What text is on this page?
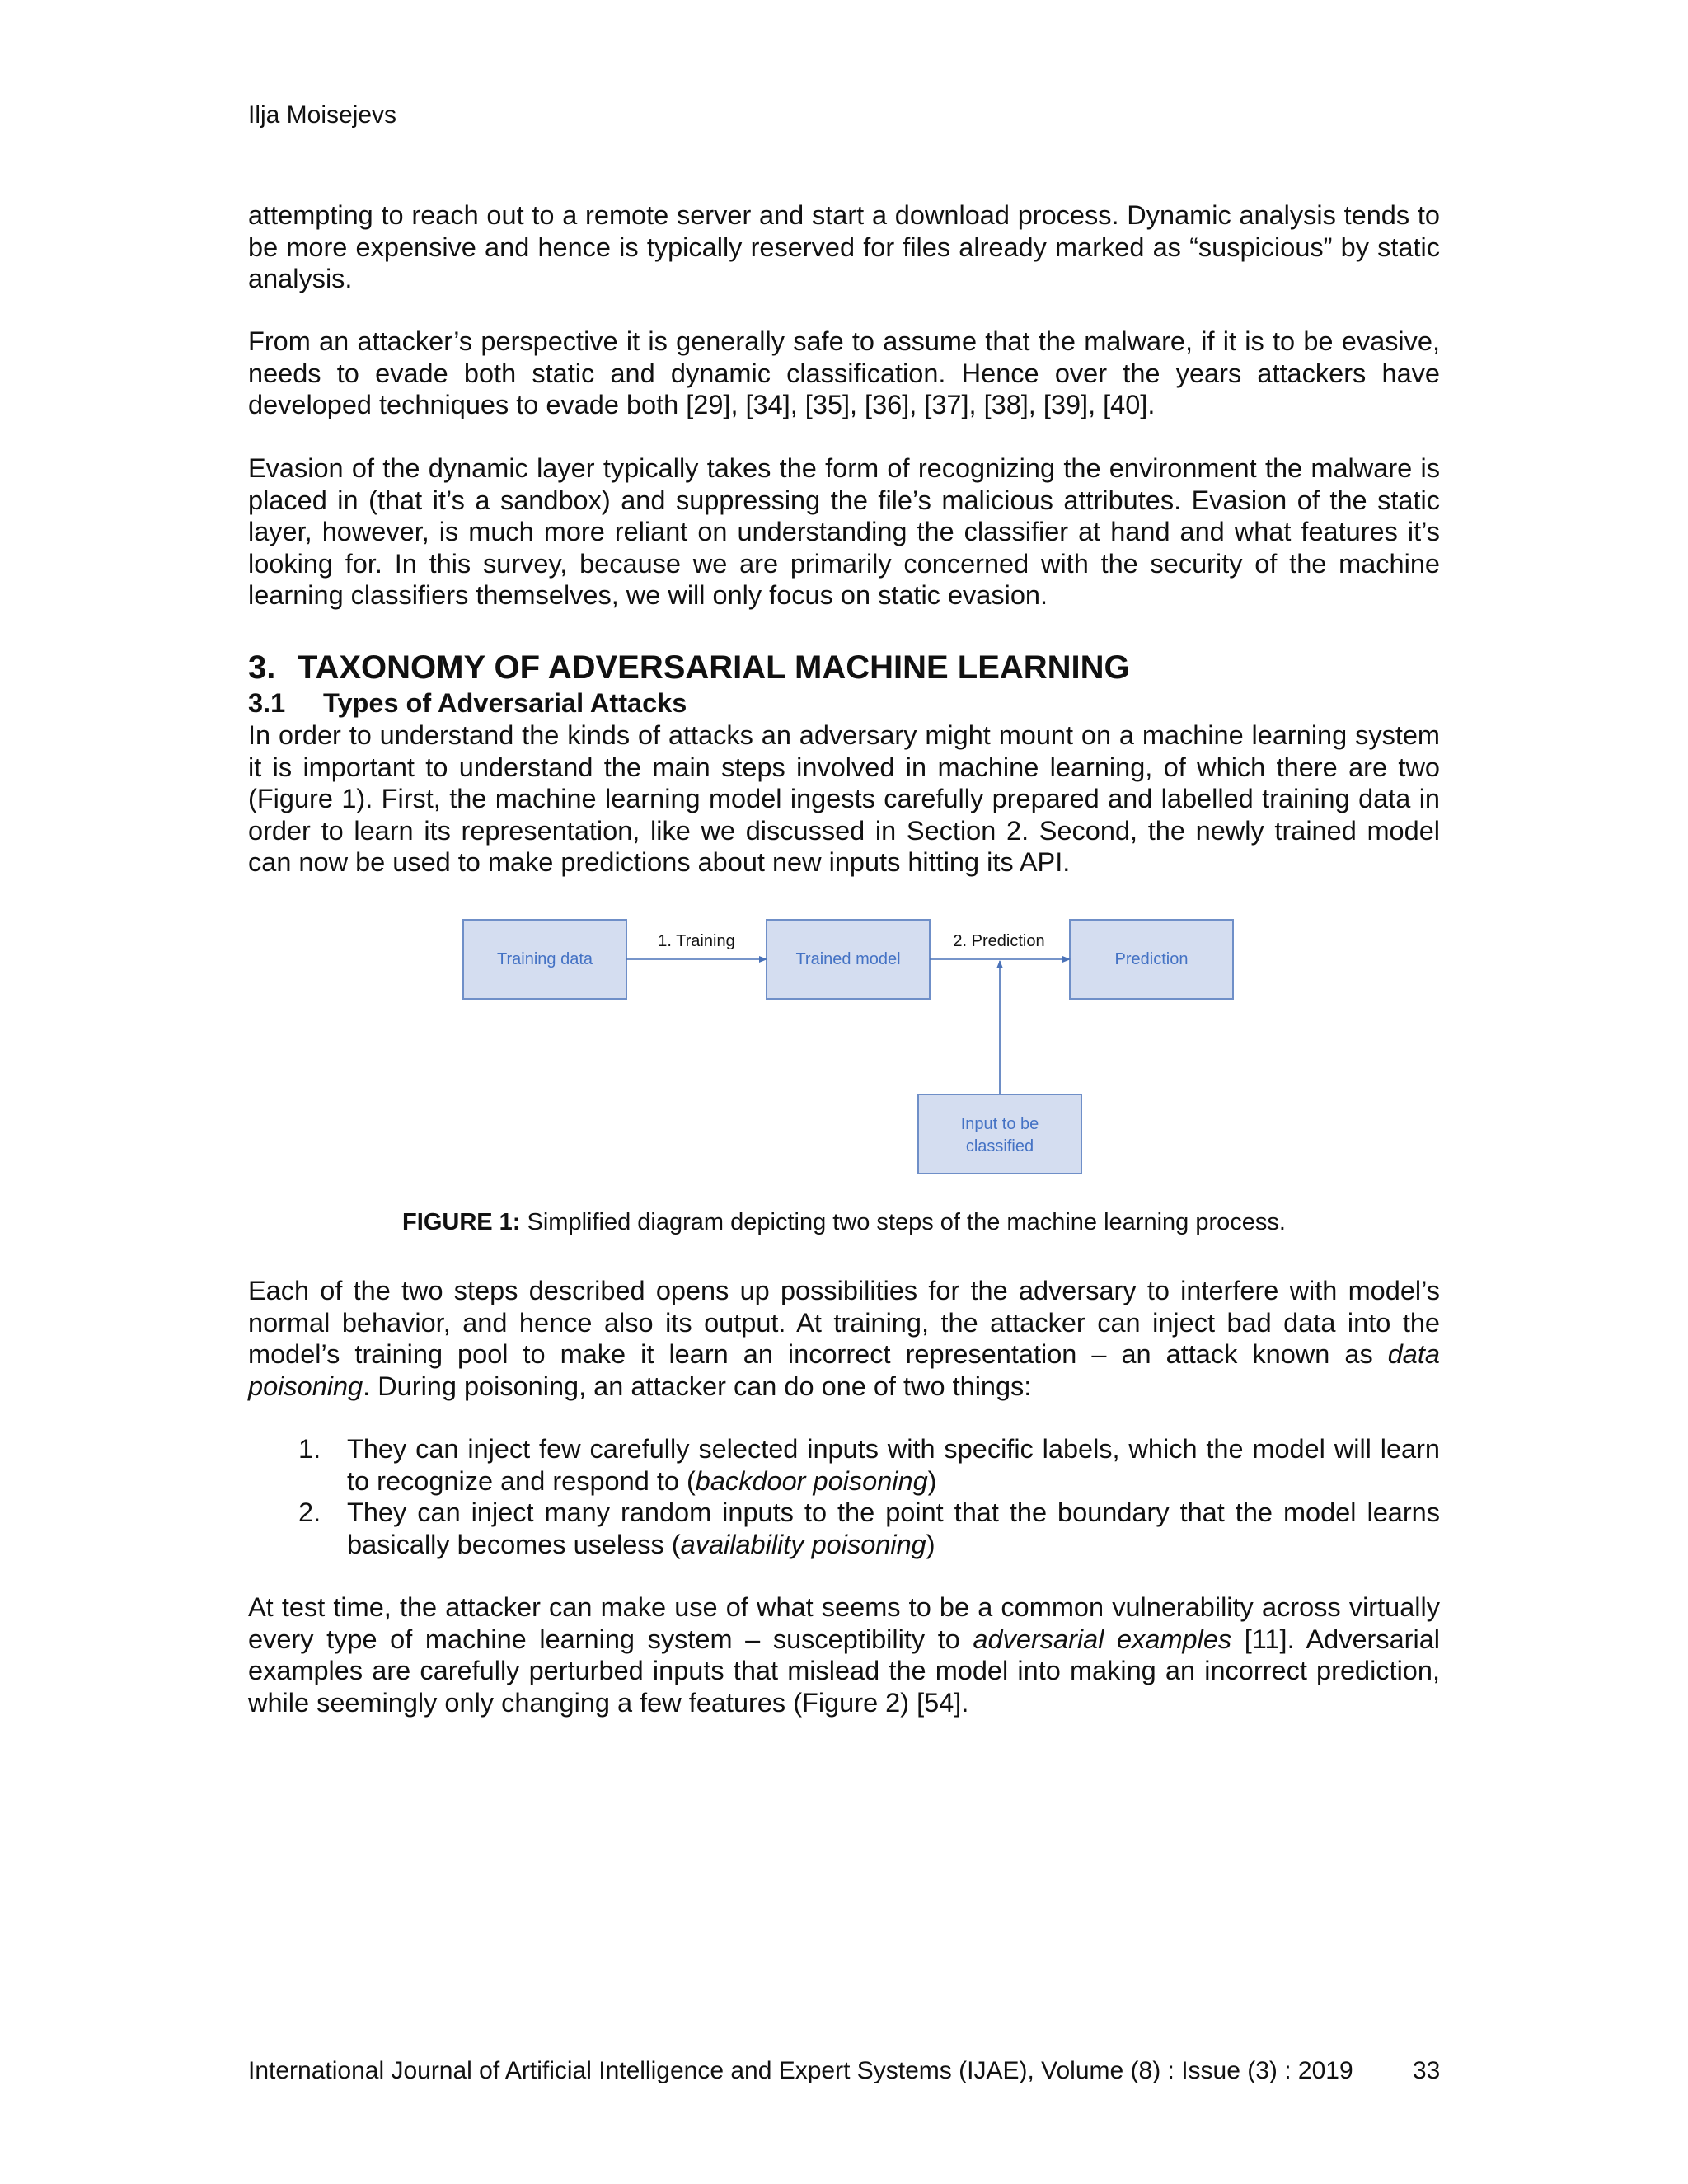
Ilja Moisejevs

attempting to reach out to a remote server and start a download process. Dynamic analysis tends to be more expensive and hence is typically reserved for files already marked as “suspicious” by static analysis.

From an attacker’s perspective it is generally safe to assume that the malware, if it is to be evasive, needs to evade both static and dynamic classification. Hence over the years attackers have developed techniques to evade both [29], [34], [35], [36], [37], [38], [39], [40].

Evasion of the dynamic layer typically takes the form of recognizing the environment the malware is placed in (that it’s a sandbox) and suppressing the file’s malicious attributes. Evasion of the static layer, however, is much more reliant on understanding the classifier at hand and what features it’s looking for. In this survey, because we are primarily concerned with the security of the machine learning classifiers themselves, we will only focus on static evasion.

3. TAXONOMY OF ADVERSARIAL MACHINE LEARNING
3.1 Types of Adversarial Attacks

In order to understand the kinds of attacks an adversary might mount on a machine learning system it is important to understand the main steps involved in machine learning, of which there are two (Figure 1). First, the machine learning model ingests carefully prepared and labelled training data in order to learn its representation, like we discussed in Section 2. Second, the newly trained model can now be used to make predictions about new inputs hitting its API.

Training data	Trained model	Prediction
Input to be
classified
1. Training	2. Prediction
FIGURE 1: Simplified diagram depicting two steps of the machine learning process.

Each of the two steps described opens up possibilities for the adversary to interfere with model’s normal behavior, and hence also its output. At training, the attacker can inject bad data into the model’s training pool to make it learn an incorrect representation – an attack known as data poisoning. During poisoning, an attacker can do one of two things:

1. They can inject few carefully selected inputs with specific labels, which the model will learn to recognize and respond to (backdoor poisoning)
2. They can inject many random inputs to the point that the boundary that the model learns basically becomes useless (availability poisoning)

At test time, the attacker can make use of what seems to be a common vulnerability across virtually every type of machine learning system – susceptibility to adversarial examples [11]. Adversarial examples are carefully perturbed inputs that mislead the model into making an incorrect prediction, while seemingly only changing a few features (Figure 2) [54].

International Journal of Artificial Intelligence and Expert Systems (IJAE), Volume (8) : Issue (3) : 2019 33
